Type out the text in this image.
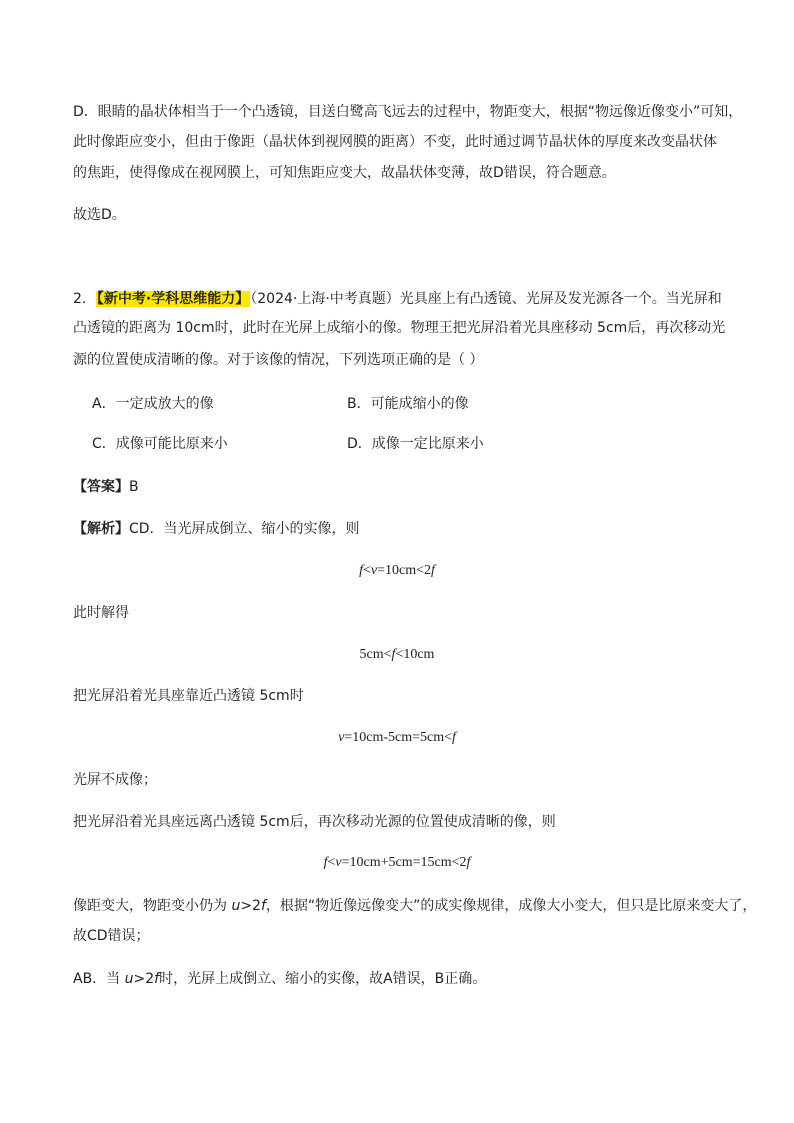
D．眼睛的晶状体相当于一个凸透镜，目送白鹭高飞远去的过程中，物距变大，根据“物远像近像变小”可知，
此时像距应变小，但由于像距（晶状体到视网膜的距离）不变，此时通过调节晶状体的厚度来改变晶状体
的焦距，使得像成在视网膜上，可知焦距应变大，故晶状体变薄，故D错误，符合题意。
故选D。
2．【新中考·学科思维能力】（2024·上海·中考真题）光具座上有凸透镜、光屏及发光源各一个。当光屏和
凸透镜的距离为 10cm时，此时在光屏上成缩小的像。物理王把光屏沿着光具座移动 5cm后，再次移动光
源的位置使成清晰的像。对于该像的情况，下列选项正确的是（ ）
A．一定成放大的像	B．可能成缩小的像
C．成像可能比原来小	D．成像一定比原来小
【答案】B
【解析】CD．当光屏成倒立、缩小的实像，则
f<v=10cm<2f
此时解得
5cm<f<10cm
把光屏沿着光具座靠近凸透镜 5cm时
v=10cm-5cm=5cm<f
光屏不成像；
把光屏沿着光具座远离凸透镜 5cm后，再次移动光源的位置使成清晰的像，则
f<v=10cm+5cm=15cm<2f
像距变大，物距变小仍为 u>2f，根据“物近像远像变大”的成实像规律，成像大小变大，但只是比原来变大了，
故CD错误；
AB．当 u>2f时，光屏上成倒立、缩小的实像，故A错误，B正确。
